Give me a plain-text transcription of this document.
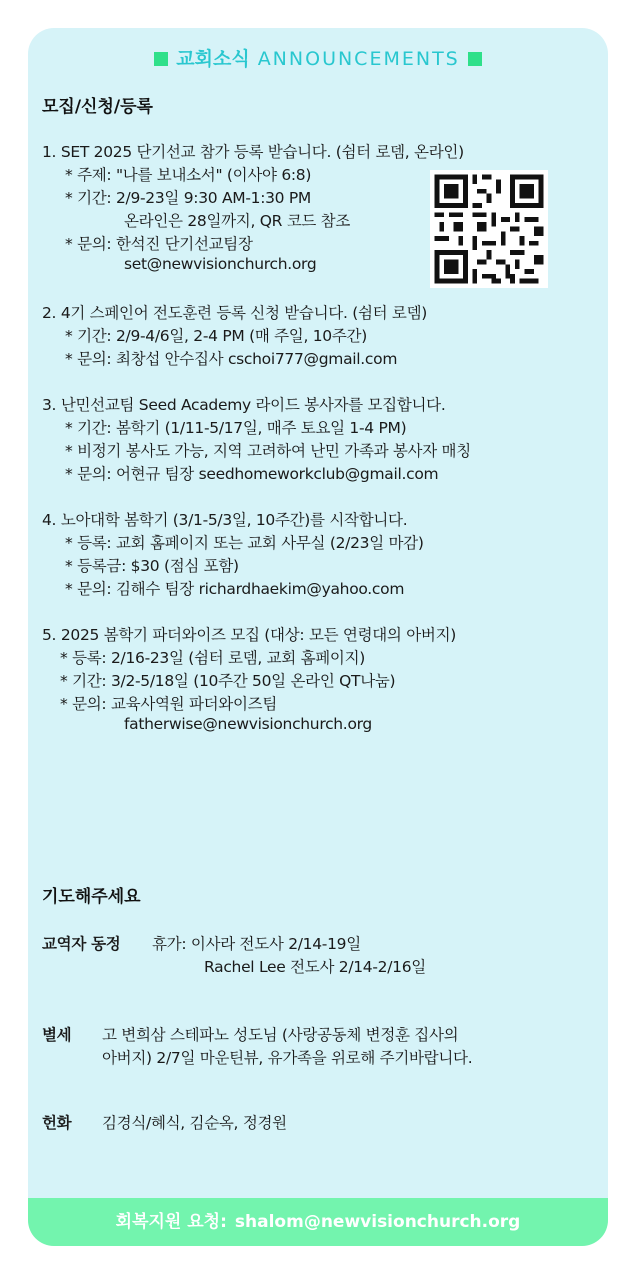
교회소식 ANNOUNCEMENTS
모집/신청/등록
1. SET 2025 단기선교 참가 등록 받습니다. (쉼터 로뎀, 온라인)
* 주제: "나를 보내소서" (이사야 6:8)
* 기간: 2/9-23일 9:30 AM-1:30 PM
온라인은 28일까지, QR 코드 참조
* 문의: 한석진 단기선교팀장
set@newvisionchurch.org
2. 4기 스페인어 전도훈련 등록 신청 받습니다. (쉼터 로뎀)
* 기간: 2/9-4/6일, 2-4 PM (매 주일, 10주간)
* 문의: 최창섭 안수집사 cschoi777@gmail.com
3. 난민선교팀 Seed Academy 라이드 봉사자를 모집합니다.
* 기간: 봄학기 (1/11-5/17일, 매주 토요일 1-4 PM)
* 비정기 봉사도 가능, 지역 고려하여 난민 가족과 봉사자 매칭
* 문의: 어현규 팀장 seedhomeworkclub@gmail.com
4. 노아대학 봄학기 (3/1-5/3일, 10주간)를 시작합니다.
* 등록: 교회 홈페이지 또는 교회 사무실 (2/23일 마감)
* 등록금: $30 (점심 포함)
* 문의: 김해수 팀장 richardhaekim@yahoo.com
5. 2025 봄학기 파더와이즈 모집 (대상: 모든 연령대의 아버지)
* 등록: 2/16-23일 (쉼터 로뎀, 교회 홈페이지)
* 기간: 3/2-5/18일 (10주간 50일 온라인 QT나눔)
* 문의: 교육사역원 파더와이즈팀
fatherwise@newvisionchurch.org
기도해주세요
교역자 동정 휴가: 이사라 전도사 2/14-19일
Rachel Lee 전도사 2/14-2/16일
별세 고 변희삼 스테파노 성도님 (사랑공동체 변정훈 집사의
아버지) 2/7일 마운틴뷰, 유가족을 위로해 주기바랍니다.
헌화 김경식/혜식, 김순옥, 정경원
회복지원 요청: shalom@newvisionchurch.org
